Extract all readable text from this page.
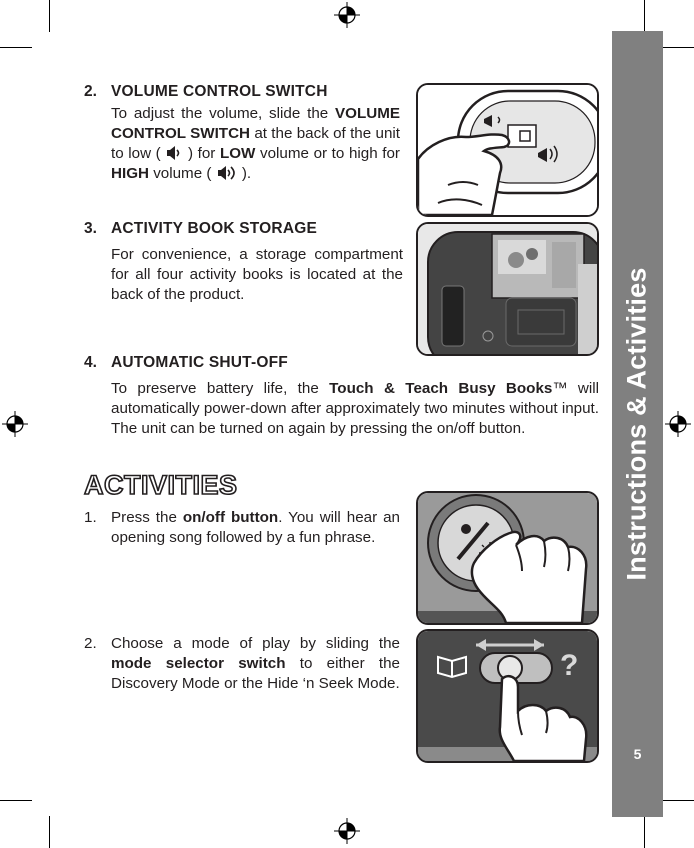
Instructions & Activities
5
2. VOLUME CONTROL SWITCH
To adjust the volume, slide the VOLUME CONTROL SWITCH at the back of the unit to low (  ) for LOW volume or to high for HIGH volume (  ).
3. ACTIVITY BOOK STORAGE
For convenience, a storage compartment for all four activity books is located at the back of the product.
4. AUTOMATIC SHUT-OFF
To preserve battery life, the Touch & Teach Busy Books™ will automatically power-down after approximately two minutes without input. The unit can be turned on again by pressing the on/off button.
ACTIVITIES
1. Press the on/off button. You will hear an opening song followed by a fun phrase.
2. Choose a mode of play by sliding the mode selector switch to either the Discovery Mode or the Hide ‘n Seek Mode.
?
